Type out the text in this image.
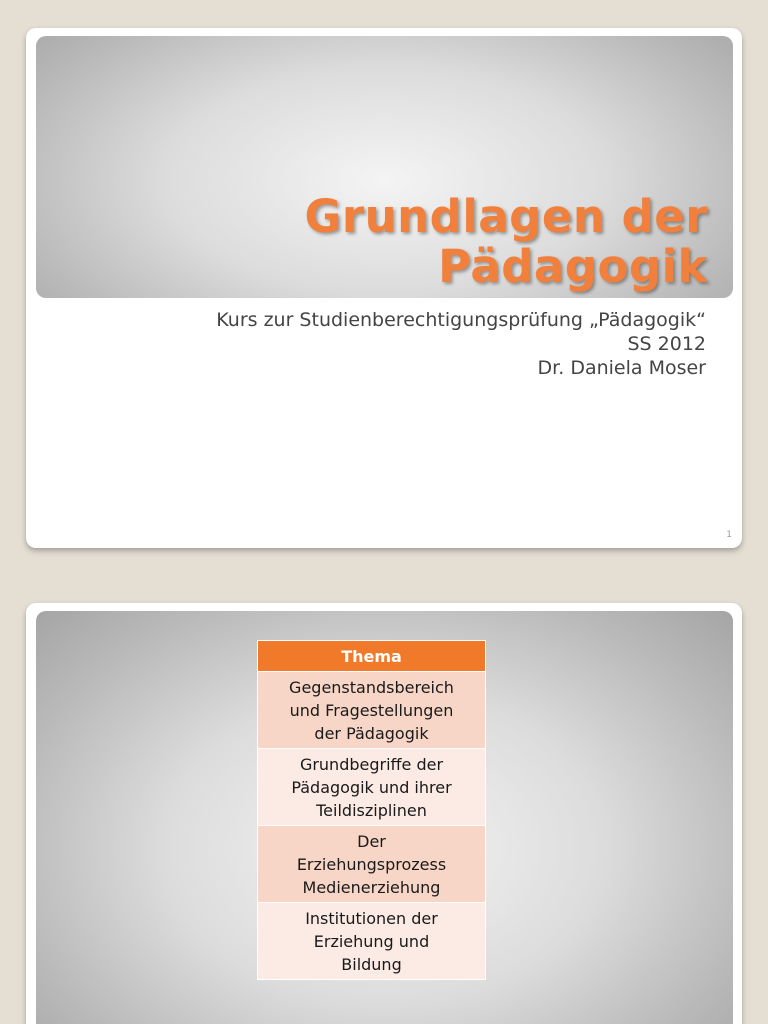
Grundlagen der
Pädagogik
Kurs zur Studienberechtigungsprüfung „Pädagogik“
SS 2012
Dr. Daniela Moser
1
Thema

Gegenstandsbereich
und Fragestellungen
der Pädagogik

Grundbegriffe der
Pädagogik und ihrer
Teildisziplinen

Der
Erziehungsprozess
Medienerziehung

Institutionen der
Erziehung und
Bildung
